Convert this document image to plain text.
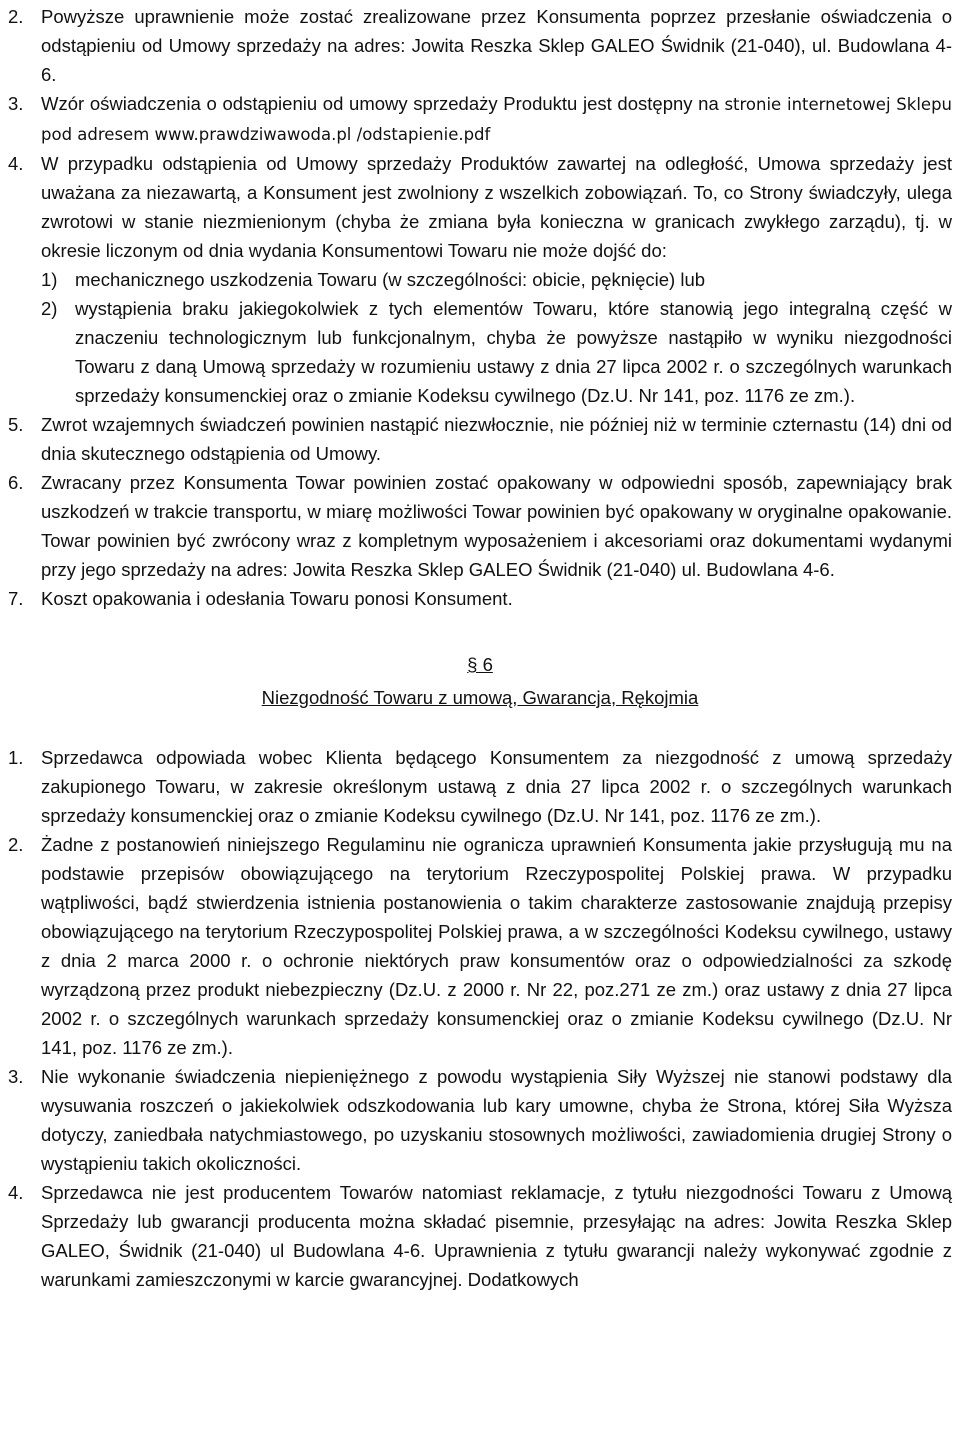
2. Powyższe uprawnienie może zostać zrealizowane przez Konsumenta poprzez przesłanie oświadczenia o odstąpieniu od Umowy sprzedaży na adres: Jowita Reszka Sklep GALEO Świdnik (21-040), ul. Budowlana 4-6.
3. Wzór oświadczenia o odstąpieniu od umowy sprzedaży Produktu jest dostępny na stronie internetowej Sklepu pod adresem www.prawdziwawoda.pl /odstapienie.pdf
4. W przypadku odstąpienia od Umowy sprzedaży Produktów zawartej na odległość, Umowa sprzedaży jest uważana za niezawartą, a Konsument jest zwolniony z wszelkich zobowiązań. To, co Strony świadczyły, ulega zwrotowi w stanie niezmienionym (chyba że zmiana była konieczna w granicach zwykłego zarządu), tj. w okresie liczonym od dnia wydania Konsumentowi Towaru nie może dojść do:
1) mechanicznego uszkodzenia Towaru (w szczególności: obicie, pęknięcie) lub
2) wystąpienia braku jakiegokolwiek z tych elementów Towaru, które stanowią jego integralną część w znaczeniu technologicznym lub funkcjonalnym, chyba że powyższe nastąpiło w wyniku niezgodności Towaru z daną Umową sprzedaży w rozumieniu ustawy z dnia 27 lipca 2002 r. o szczególnych warunkach sprzedaży konsumenckiej oraz o zmianie Kodeksu cywilnego (Dz.U. Nr 141, poz. 1176 ze zm.).
5. Zwrot wzajemnych świadczeń powinien nastąpić niezwłocznie, nie później niż w terminie czternastu (14) dni od dnia skutecznego odstąpienia od Umowy.
6. Zwracany przez Konsumenta Towar powinien zostać opakowany w odpowiedni sposób, zapewniający brak uszkodzeń w trakcie transportu, w miarę możliwości Towar powinien być opakowany w oryginalne opakowanie. Towar powinien być zwrócony wraz z kompletnym wyposażeniem i akcesoriami oraz dokumentami wydanymi przy jego sprzedaży na adres: Jowita Reszka Sklep GALEO Świdnik (21-040) ul. Budowlana 4-6.
7. Koszt opakowania i odesłania Towaru ponosi Konsument.
§ 6
Niezgodność Towaru z umową, Gwarancja, Rękojmia
1. Sprzedawca odpowiada wobec Klienta będącego Konsumentem za niezgodność z umową sprzedaży zakupionego Towaru, w zakresie określonym ustawą z dnia 27 lipca 2002 r. o szczególnych warunkach sprzedaży konsumenckiej oraz o zmianie Kodeksu cywilnego (Dz.U. Nr 141, poz. 1176 ze zm.).
2. Żadne z postanowień niniejszego Regulaminu nie ogranicza uprawnień Konsumenta jakie przysługują mu na podstawie przepisów obowiązującego na terytorium Rzeczypospolitej Polskiej prawa. W przypadku wątpliwości, bądź stwierdzenia istnienia postanowienia o takim charakterze zastosowanie znajdują przepisy obowiązującego na terytorium Rzeczypospolitej Polskiej prawa, a w szczególności Kodeksu cywilnego, ustawy z dnia 2 marca 2000 r. o ochronie niektórych praw konsumentów oraz o odpowiedzialności za szkodę wyrządzoną przez produkt niebezpieczny (Dz.U. z 2000 r. Nr 22, poz.271 ze zm.) oraz ustawy z dnia 27 lipca 2002 r. o szczególnych warunkach sprzedaży konsumenckiej oraz o zmianie Kodeksu cywilnego (Dz.U. Nr 141, poz. 1176 ze zm.).
3. Nie wykonanie świadczenia niepieniężnego z powodu wystąpienia Siły Wyższej nie stanowi podstawy dla wysuwania roszczeń o jakiekolwiek odszkodowania lub kary umowne, chyba że Strona, której Siła Wyższa dotyczy, zaniedbała natychmiastowego, po uzyskaniu stosownych możliwości, zawiadomienia drugiej Strony o wystąpieniu takich okoliczności.
4. Sprzedawca nie jest producentem Towarów natomiast reklamacje, z tytułu niezgodności Towaru z Umową Sprzedaży lub gwarancji producenta można składać pisemnie, przesyłając na adres: Jowita Reszka Sklep GALEO, Świdnik (21-040) ul Budowlana 4-6. Uprawnienia z tytułu gwarancji należy wykonywać zgodnie z warunkami zamieszczonymi w karcie gwarancyjnej. Dodatkowych
